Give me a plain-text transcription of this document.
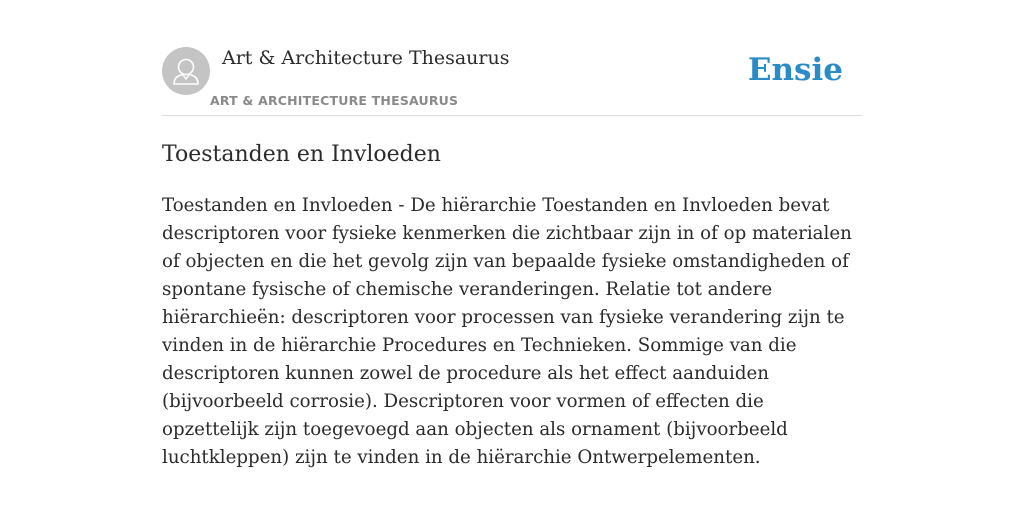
Art & Architecture Thesaurus
ART & ARCHITECTURE THESAURUS
Ensie
Toestanden en Invloeden

Toestanden en Invloeden - De hiërarchie Toestanden en Invloeden bevat descriptoren voor fysieke kenmerken die zichtbaar zijn in of op materialen of objecten en die het gevolg zijn van bepaalde fysieke omstandigheden of spontane fysische of chemische veranderingen. Relatie tot andere hiërarchieën: descriptoren voor processen van fysieke verandering zijn te vinden in de hiërarchie Procedures en Technieken. Sommige van die descriptoren kunnen zowel de procedure als het effect aanduiden (bijvoorbeeld corrosie). Descriptoren voor vormen of effecten die opzettelijk zijn toegevoegd aan objecten als ornament (bijvoorbeeld luchtkleppen) zijn te vinden in de hiërarchie Ontwerpelementen.
